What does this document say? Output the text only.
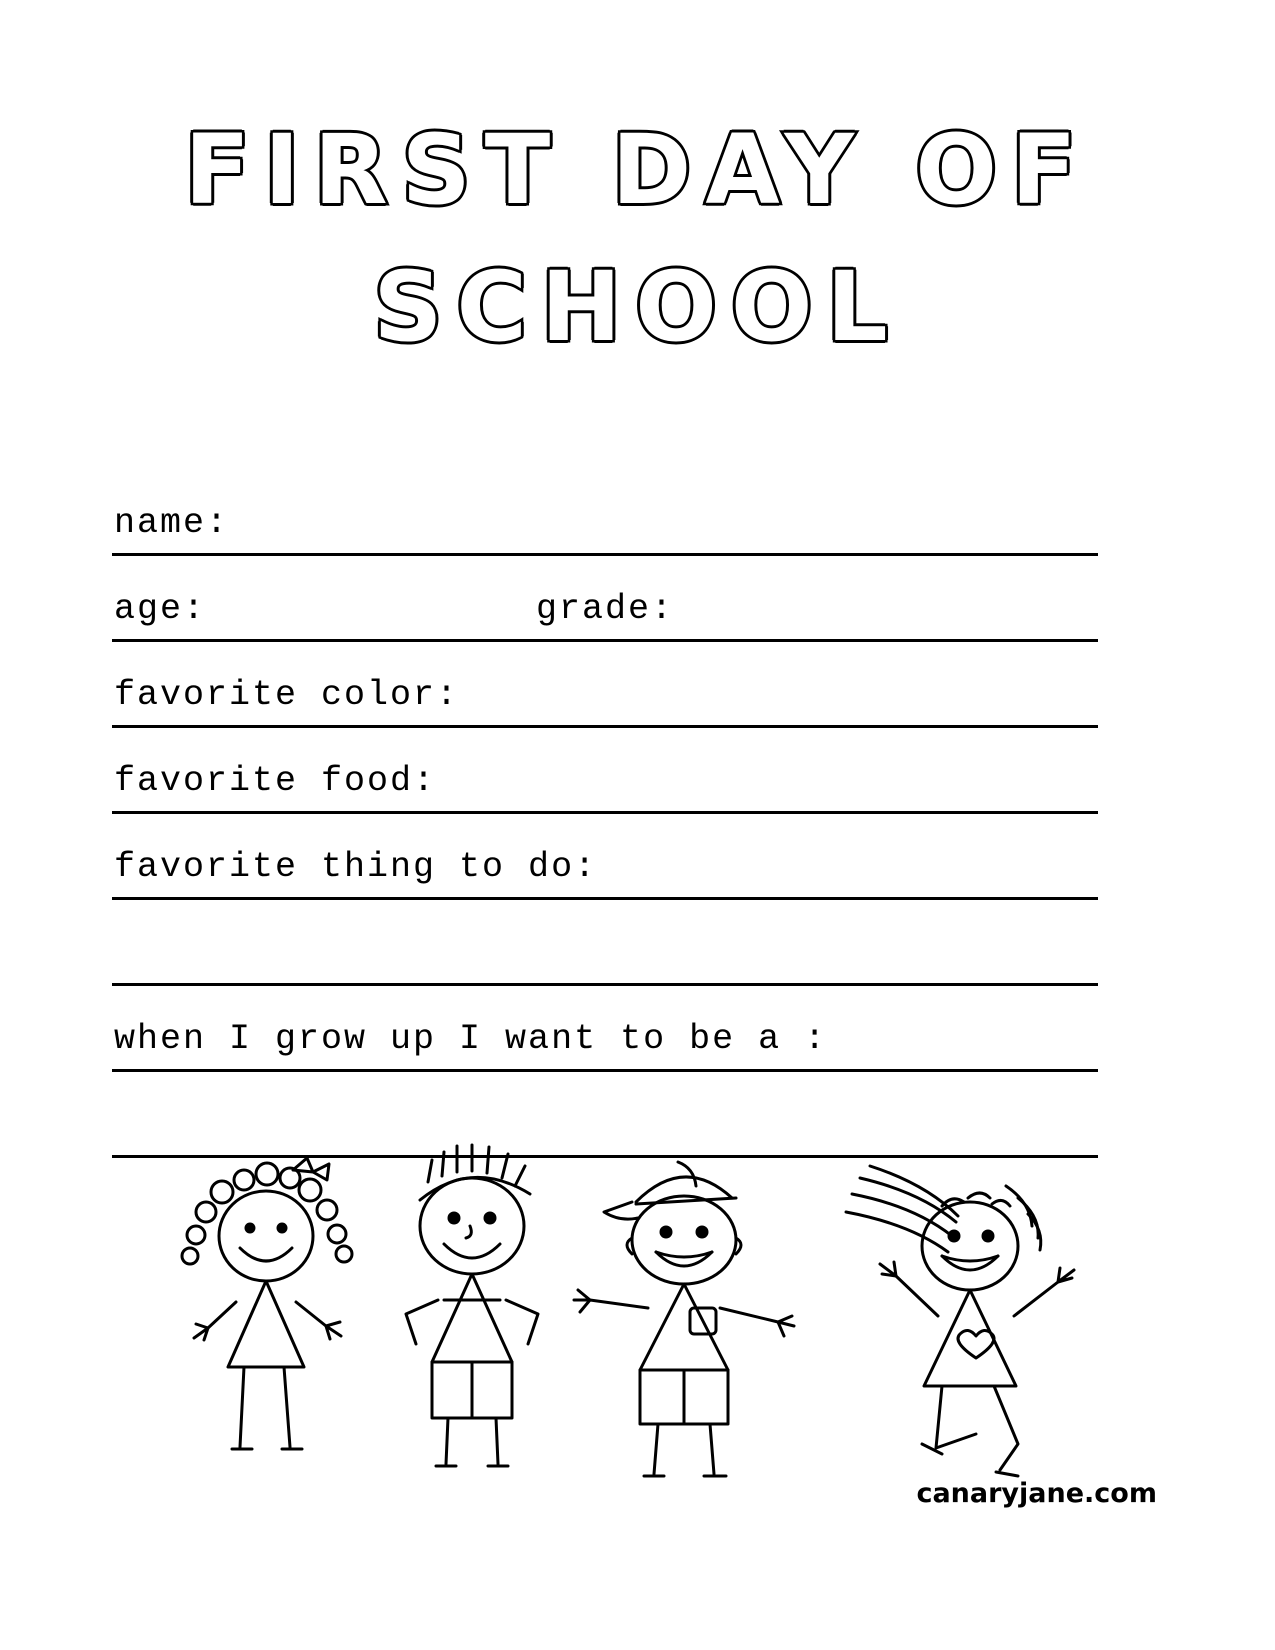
FIRST DAY OF
SCHOOL
name:
age:	grade:
favorite color:
favorite food:
favorite thing to do:
when I grow up I want to be a :
canaryjane.com
